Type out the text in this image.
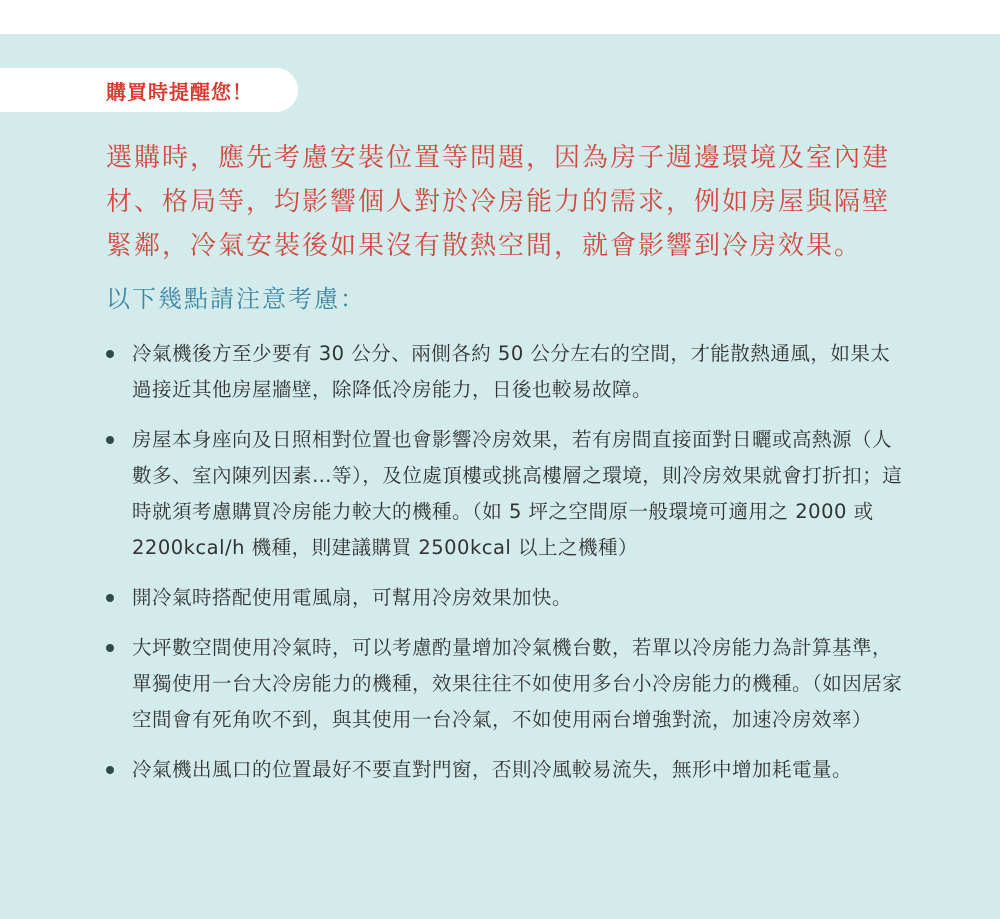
購買時提醒您！

選購時，應先考慮安裝位置等問題，因為房子週邊環境及室內建材、格局等，均影響個人對於冷房能力的需求，例如房屋與隔壁緊鄰，冷氣安裝後如果沒有散熱空間，就會影響到冷房效果。

以下幾點請注意考慮：

冷氣機後方至少要有 30 公分、兩側各約 50 公分左右的空間，才能散熱通風，如果太過接近其他房屋牆壁，除降低冷房能力，日後也較易故障。
房屋本身座向及日照相對位置也會影響冷房效果，若有房間直接面對日曬或高熱源（人數多、室內陳列因素…等），及位處頂樓或挑高樓層之環境，則冷房效果就會打折扣；這時就須考慮購買冷房能力較大的機種。（如 5 坪之空間原一般環境可適用之 2000 或 2200kcal/h 機種，則建議購買 2500kcal 以上之機種）
開冷氣時搭配使用電風扇，可幫用冷房效果加快。
大坪數空間使用冷氣時，可以考慮酌量增加冷氣機台數，若單以冷房能力為計算基準，單獨使用一台大冷房能力的機種，效果往往不如使用多台小冷房能力的機種。（如因居家空間會有死角吹不到，與其使用一台冷氣，不如使用兩台增強對流，加速冷房效率）
冷氣機出風口的位置最好不要直對門窗，否則冷風較易流失，無形中增加耗電量。
